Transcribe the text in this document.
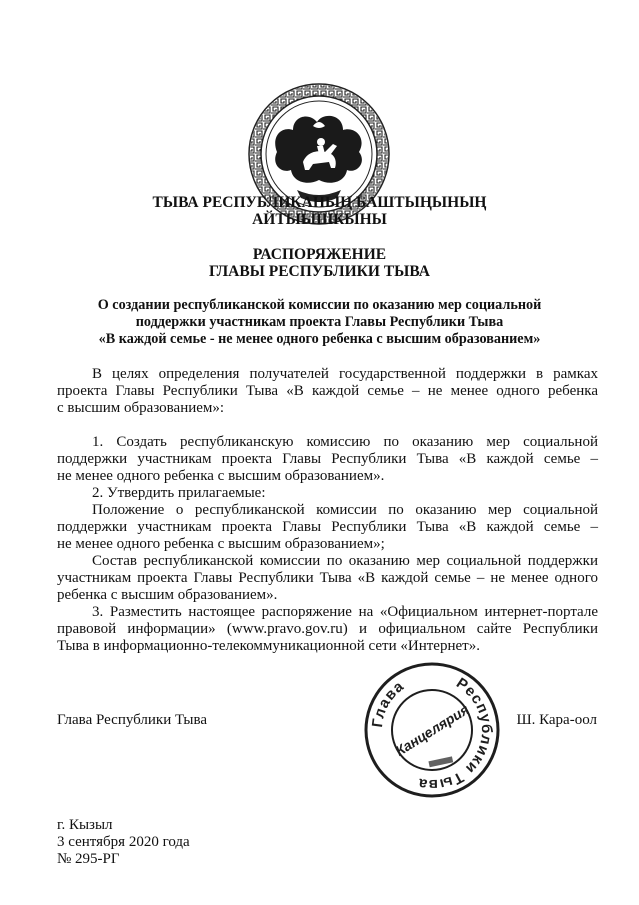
ТЫВА РЕСПУБЛИКАНЫҢ БАШТЫҢЫНЫҢ
АЙТЫЫШКЫНЫ
РАСПОРЯЖЕНИЕ
ГЛАВЫ РЕСПУБЛИКИ ТЫВА
О создании республиканской комиссии по оказанию мер социальной
поддержки участникам проекта Главы Республики Тыва
«В каждой семье - не менее одного ребенка с высшим образованием»
В целях определения получателей государственной поддержки в рамках
проекта Главы Республики Тыва «В каждой семье – не менее одного ребенка
с высшим образованием»:
1. Создать республиканскую комиссию по оказанию мер социальной
поддержки участникам проекта Главы Республики Тыва «В каждой семье –
не менее одного ребенка с высшим образованием».
2. Утвердить прилагаемые:
Положение о республиканской комиссии по оказанию мер социальной
поддержки участникам проекта Главы Республики Тыва «В каждой семье –
не менее одного ребенка с высшим образованием»;
Состав республиканской комиссии по оказанию мер социальной поддержки
участникам проекта Главы Республики Тыва «В каждой семье – не менее одного
ребенка с высшим образованием».
3. Разместить настоящее распоряжение на «Официальном интернет-портале
правовой информации» (www.pravo.gov.ru) и официальном сайте Республики
Тыва в информационно-телекоммуникационной сети «Интернет».
Глава	Республики Тыва
Канцелярия
Глава Республики Тыва	Ш. Кара-оол
г. Кызыл
3 сентября 2020 года
№ 295-РГ
